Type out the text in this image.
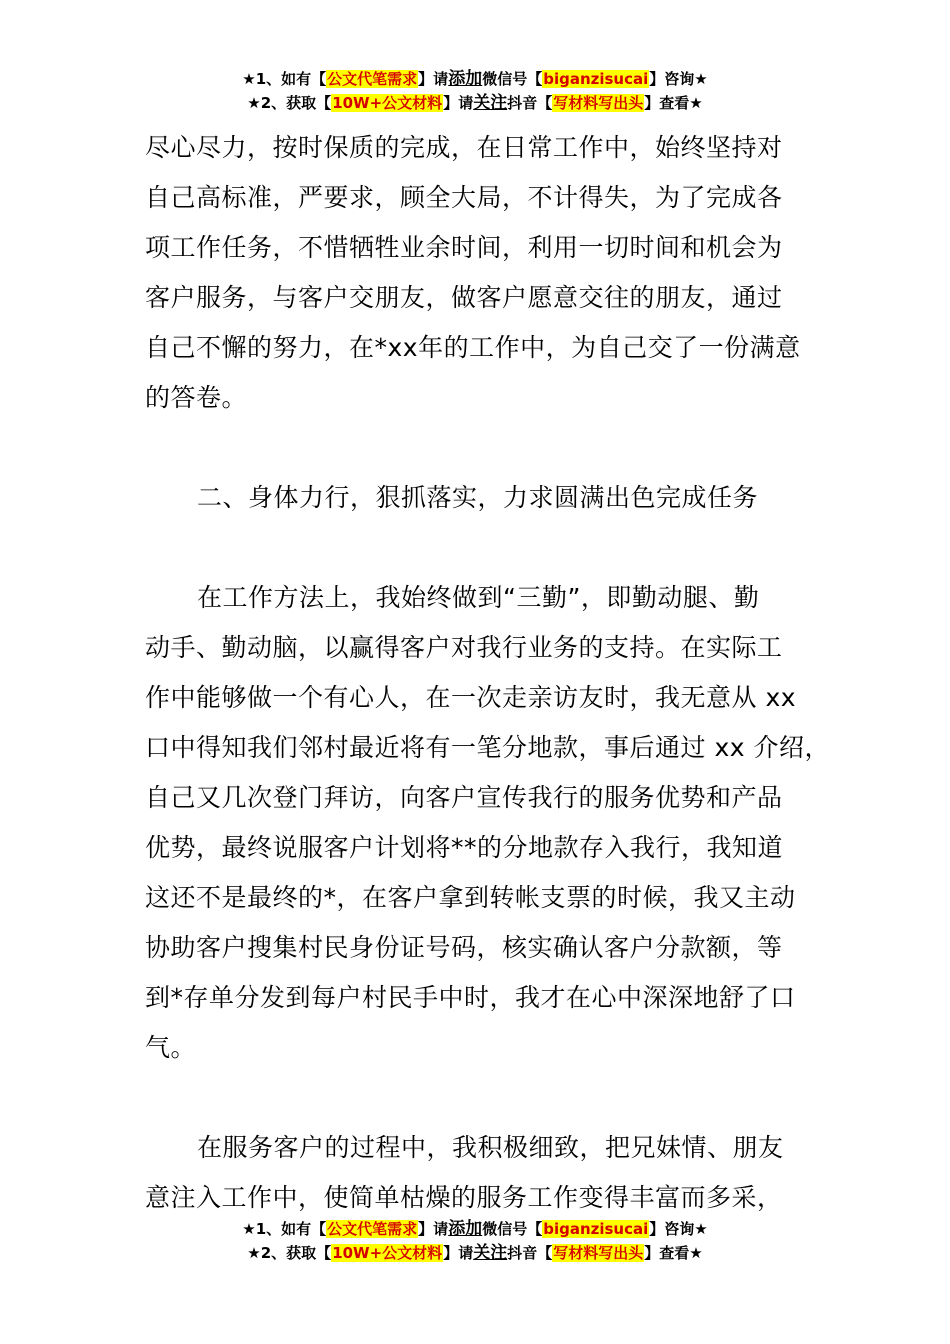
★1、如有【公文代笔需求】请添加微信号【biganzisucai】咨询★
★2、获取【10W+公文材料】请关注抖音【写材料写出头】查看★

尽心尽力，按时保质的完成，在日常工作中，始终坚持对

自己高标准，严要求，顾全大局，不计得失，为了完成各

项工作任务，不惜牺牲业余时间，利用一切时间和机会为

客户服务，与客户交朋友，做客户愿意交往的朋友，通过

自己不懈的努力，在*xx年的工作中，为自己交了一份满意

的答卷。

二、身体力行，狠抓落实，力求圆满出色完成任务

在工作方法上，我始终做到“三勤”，即勤动腿、勤

动手、勤动脑，以赢得客户对我行业务的支持。在实际工

作中能够做一个有心人，在一次走亲访友时，我无意从 xx

口中得知我们邻村最近将有一笔分地款，事后通过 xx 介绍，

自己又几次登门拜访，向客户宣传我行的服务优势和产品

优势，最终说服客户计划将**的分地款存入我行，我知道

这还不是最终的*，在客户拿到转帐支票的时候，我又主动

协助客户搜集村民身份证号码，核实确认客户分款额，等

到*存单分发到每户村民手中时，我才在心中深深地舒了口

气。

在服务客户的过程中，我积极细致，把兄妹情、朋友

意注入工作中，使简单枯燥的服务工作变得丰富而多采，

★1、如有【公文代笔需求】请添加微信号【biganzisucai】咨询★
★2、获取【10W+公文材料】请关注抖音【写材料写出头】查看★
